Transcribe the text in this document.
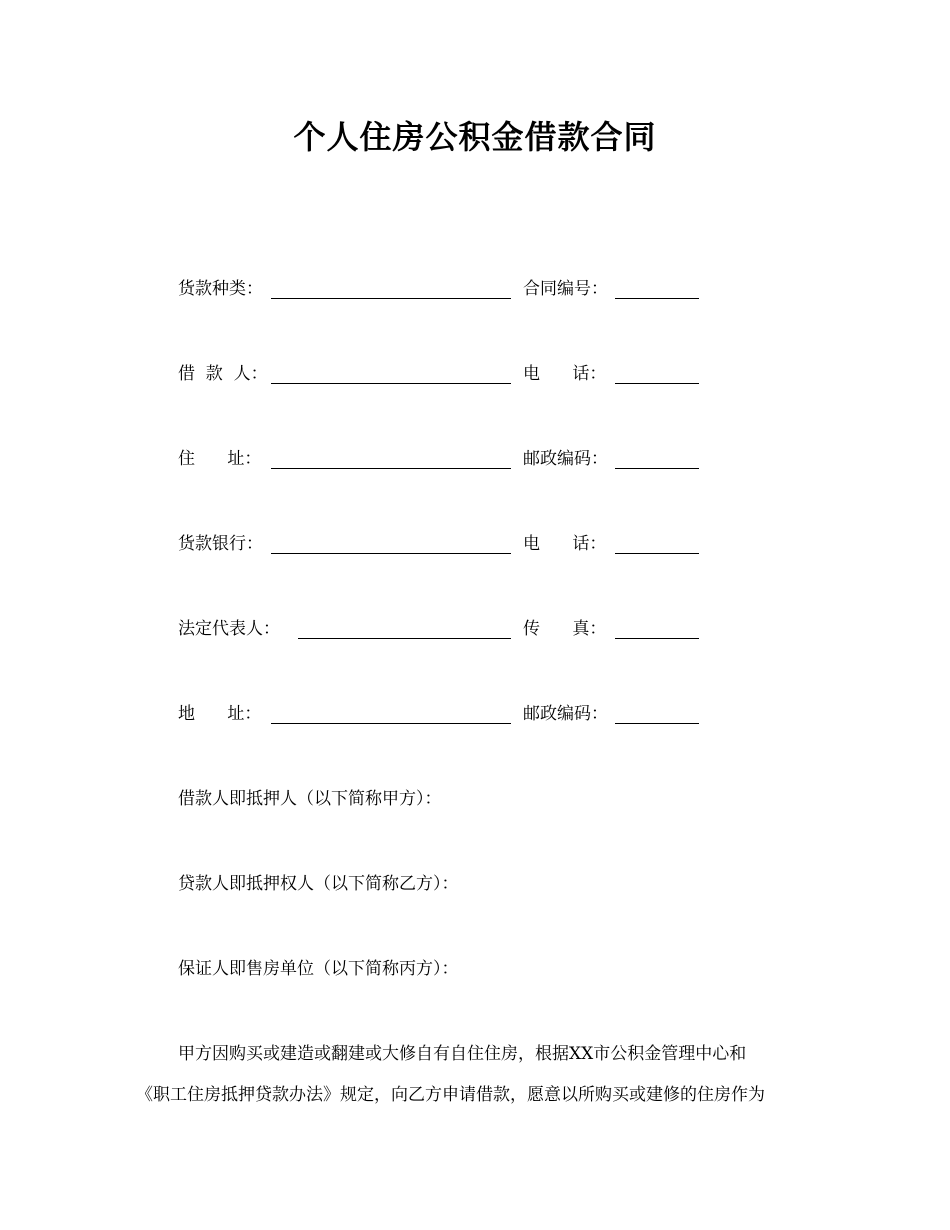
个人住房公积金借款合同
货款种类：	合同编号：
借  款  人：	电      话：
住      址：	邮政编码：
货款银行：	电      话：
法定代表人：	传      真：
地      址：	邮政编码：
借款人即抵押人（以下简称甲方）：
贷款人即抵押权人（以下简称乙方）：
保证人即售房单位（以下简称丙方）：
甲方因购买或建造或翻建或大修自有自住住房，根据XX市公积金管理中心和
《职工住房抵押贷款办法》规定，向乙方申请借款，愿意以所购买或建修的住房作为
